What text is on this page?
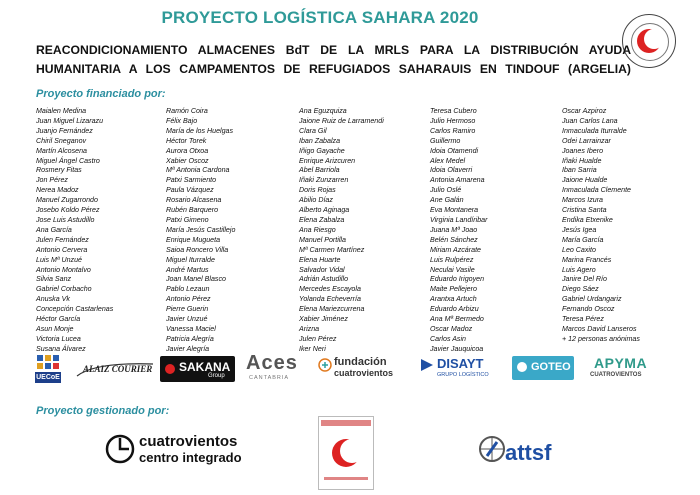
PROYECTO LOGÍSTICA SAHARA 2020
REACONDICIONAMIENTO ALMACENES BdT DE LA MRLS PARA LA DISTRIBUCIÓN AYUDA HUMANITARIA A LOS CAMPAMENTOS DE REFUGIADOS SAHARAUIS EN TINDOUF (ARGELIA)
Proyecto financiado por:
Maialen Medina
Juan Miguel Lizarazu
Juanjo Fernández
Chiril Sneganov
Martín Alcosena
Miguel Ángel Castro
Rosmery Fitas
Jon Pérez
Nerea Madoz
Manuel Zugarrondo
Josebo Koldo Pérez
Jose Luis Astudillo
Ana García
Julen Fernández
Antonio Cervera
Luis Mª Unzué
Antonio Montalvo
Silvia Sanz
Gabriel Corbacho
Anuska Vk
Concepción Castarlenas
Héctor García
Asun Monje
Victoria Lucea
Susana Álvarez
Ramón Coira
Félix Bajo
María de los Huelgas
Héctor Torek
Aurora Otxoa
Xabier Oscoz
Mª Antonia Cardona
Patxi Sarmiento
Paula Vázquez
Rosario Alcasena
Rubén Barquero
Patxi Gimeno
María Jesús Castillejo
Enrique Mugueta
Saioa Roncero Villa
Miguel Iturralde
André Martus
Joan Manel Blasco
Pablo Lezaun
Antonio Pérez
Pierre Guerin
Javier Unzué
Vanessa Maciel
Patricia Alegría
Javier Alegría
Ana Eguzquiza
Jaione Ruiz de Larramendi
Clara Gil
Iban Zabalza
Iñigo Gayache
Enrique Arizcuren
Abel Barriola
Iñaki Zunzarren
Doris Rojas
Abilio Díaz
Alberto Aginaga
Elena Zabalza
Ana Riesgo
Manuel Portilla
Mª Carmen Martínez
Elena Huarte
Salvador Vidal
Adrián Astudillo
Mercedes Escayola
Yolanda Echeverría
Elena Mariezcurrena
Xabier Jiménez
Arizna
Julen Pérez
Iker Neri
Teresa Cubero
Julio Hermoso
Carlos Ramiro
Guillermo
Idoia Otamendi
Alex Medel
Idoia Olaverri
Antonia Amarena
Julio Oslé
Ane Galán
Eva Montanera
Virginia Landíribar
Juana Mª Joao
Belén Sánchez
Miriam Azcárate
Luis Rulpérez
Neculai Vasile
Eduardo Irigoyen
Maite Pellejero
Arantxa Artuch
Eduardo Arbizu
Ana Mª Bermedo
Oscar Madoz
Carlos Asin
Javier Jauquicoa
Oscar Azpiroz
Juan Carlos Lana
Inmaculada Iturralde
Odei Larrainzar
Joanes Ibero
Iñaki Hualde
Iban Sarria
Jaione Hualde
Inmaculada Clemente
Marcos Izura
Cristina Santa
Endika Etxenike
Jesús Igea
María García
Leo Caxito
Marina Francés
Luis Agero
Janire Del Río
Diego Sáez
Gabriel Urdangariz
Fernando Oscoz
Teresa Pérez
Marcos David Lanseros
+ 12 personas anónimas
UECoE
ALAIZ COURIER SAKANA
Group
Aces
CANTABRIA
fundación
cuatrovientos
DISAYT
GRUPO LOGÍSTICO
GOTEO APYMA
CUATROVIENTOS
Proyecto gestionado por:
cuatrovientos
centro integrado	attsf
